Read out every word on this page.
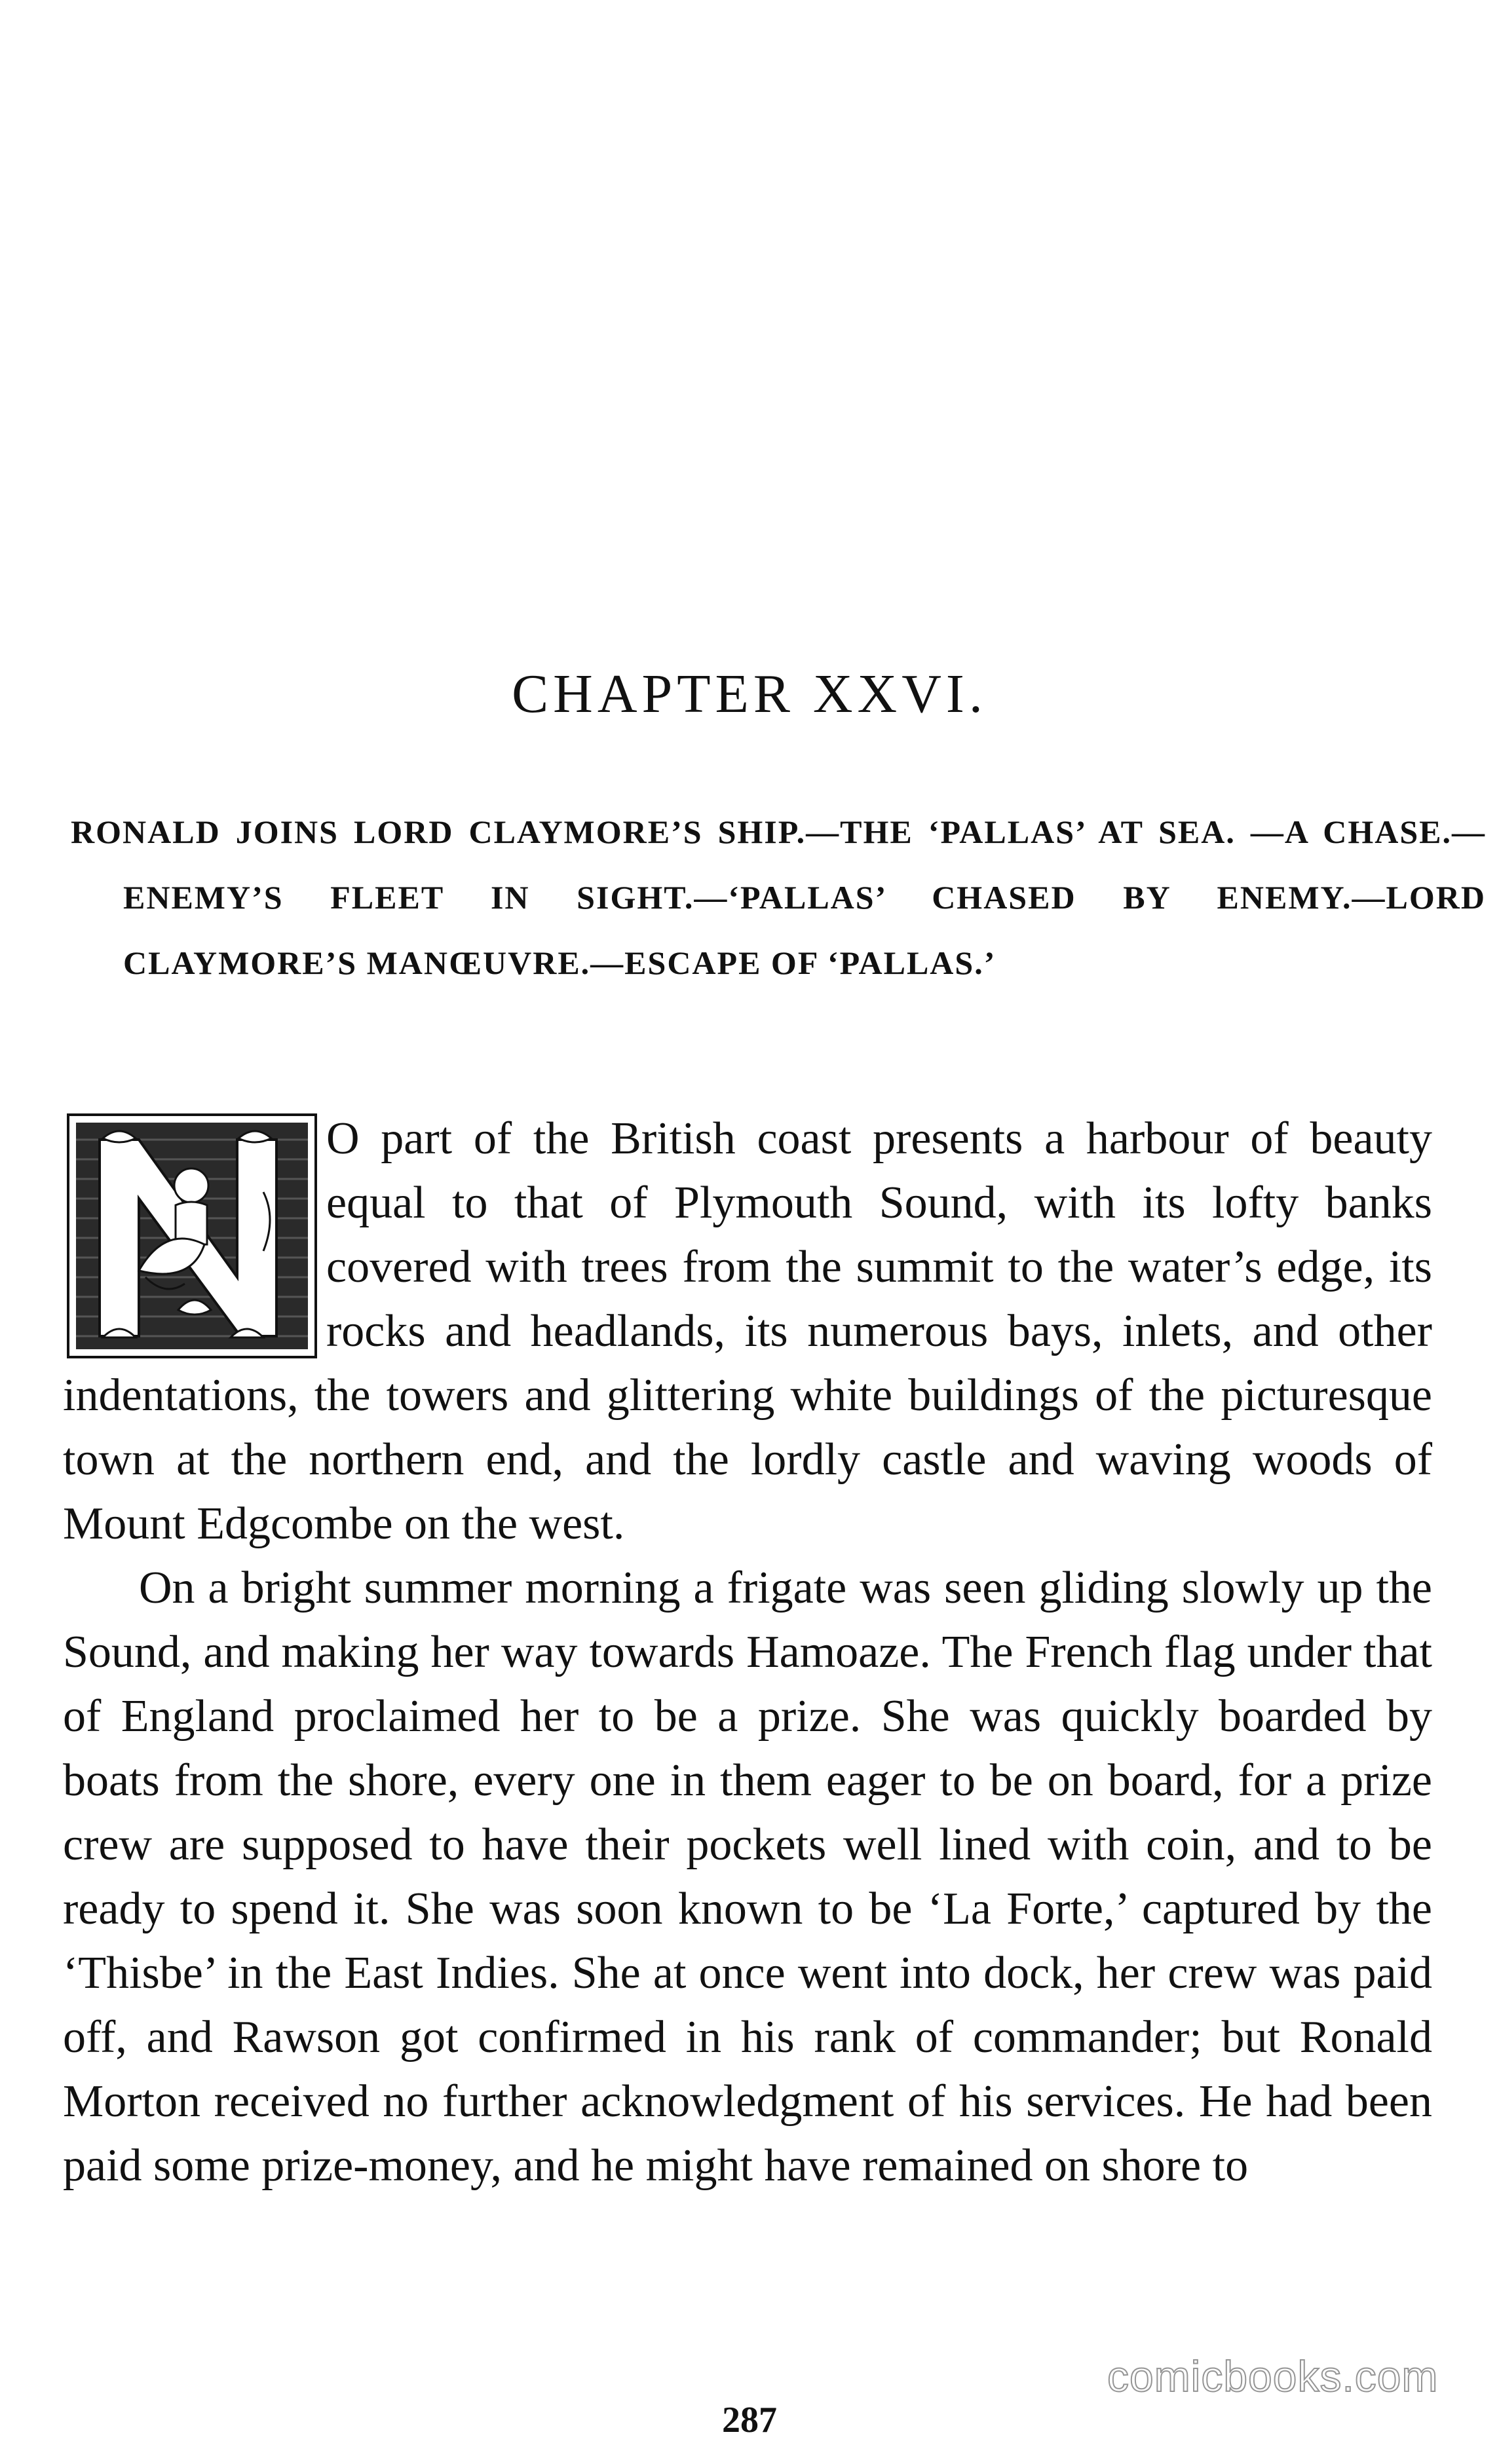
CHAPTER XXVI.

RONALD JOINS LORD CLAYMORE’S SHIP.—THE ‘PALLAS’ AT SEA. —A CHASE.—ENEMY’S FLEET IN SIGHT.—‘PALLAS’ CHASED BY ENEMY.—LORD CLAYMORE’S MANŒUVRE.—ESCAPE OF ‘PALLAS.’

O part of the British coast presents a harbour of beauty equal to that of Plymouth Sound, with its lofty banks covered with trees from the summit to the water’s edge, its rocks and headlands, its numerous bays, inlets, and other indentations, the towers and glittering white buildings of the picturesque town at the northern end, and the lordly castle and waving woods of Mount Edgcombe on the west.

On a bright summer morning a frigate was seen gliding slowly up the Sound, and making her way towards Hamoaze. The French flag under that of England proclaimed her to be a prize. She was quickly boarded by boats from the shore, every one in them eager to be on board, for a prize crew are supposed to have their pockets well lined with coin, and to be ready to spend it. She was soon known to be ‘La Forte,’ captured by the ‘Thisbe’ in the East Indies. She at once went into dock, her crew was paid off, and Rawson got confirmed in his rank of commander; but Ronald Morton received no further acknowledgment of his services. He had been paid some prize-money, and he might have remained on shore to

comicbooks.com
287
